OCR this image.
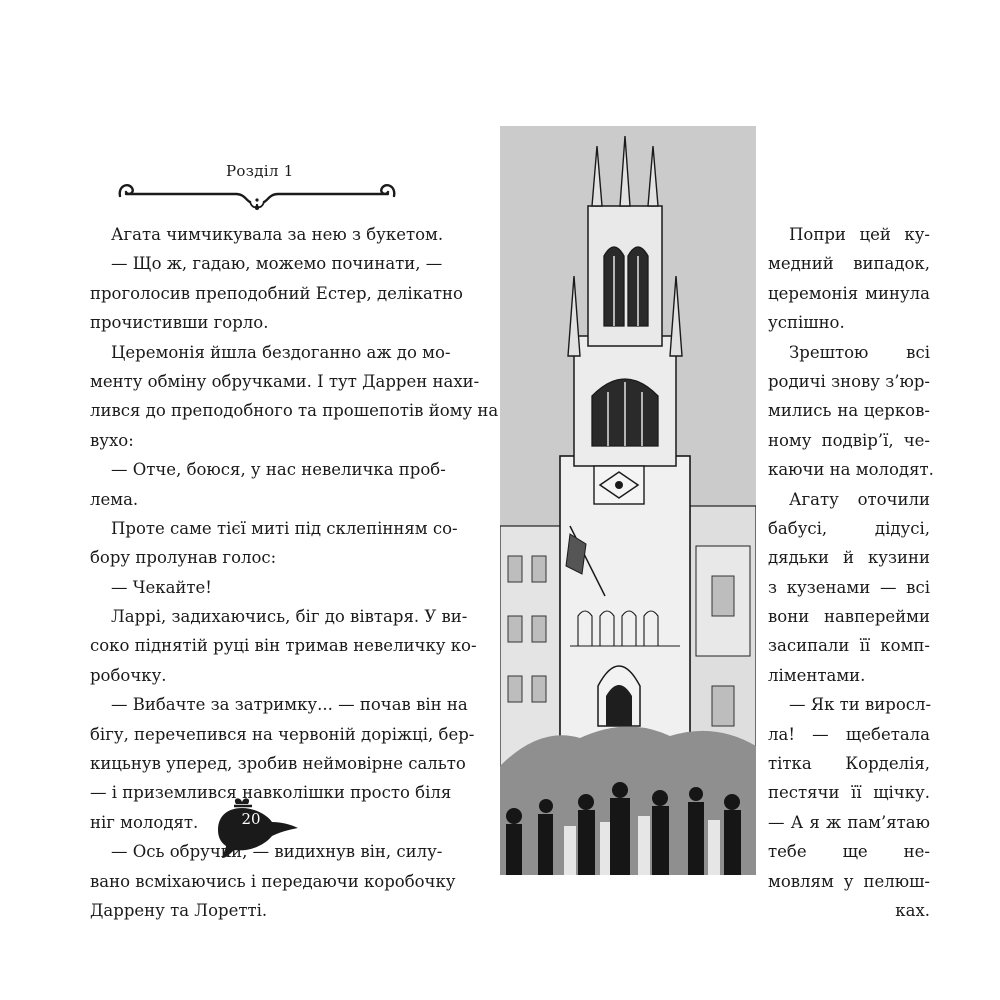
Розділ 1
Агата чимчикувала за нею з букетом.
— Що ж, гадаю, можемо починати, —
проголосив преподобний Естер, делікатно
прочистивши горло.
Церемонія йшла бездоганно аж до мо-
менту обміну обручками. І тут Даррен нахи-
лився до преподобного та прошепотів йому на
вухо:
— Отче, боюся, у нас невеличка проб-
лема.
Проте саме тієї миті під склепінням со-
бору пролунав голос:
— Чекайте!
Ларрі, задихаючись, біг до вівтаря. У ви-
соко піднятій руці він тримав невеличку ко-
робочку.
— Вибачте за затримку... — почав він на
бігу, перечепився на червоній доріжці, бер-
кицьнув уперед, зробив неймовірне сальто
— і приземлився навколішки просто біля
ніг молодят.
— Ось обручки, — видихнув він, силу-
вано всміхаючись і передаючи коробочку
Даррену та Лоретті.
Попри цей ку-
медний випадок,
церемонія минула
успішно.
Зрештою всі
родичі знову з’юр-
мились на церков-
ному подвір’ї, че-
каючи на молодят.
Агату оточили
бабусі, дідусі,
дядьки й кузини
з кузенами — всі
вони навперейми
засипали її комп-
ліментами.
— Як ти виросл-
ла! — щебетала
тітка Корделія,
пестячи її щічку.
— А я ж пам’ятаю
тебе ще не-
мовлям у пелюш-
ках.
20
